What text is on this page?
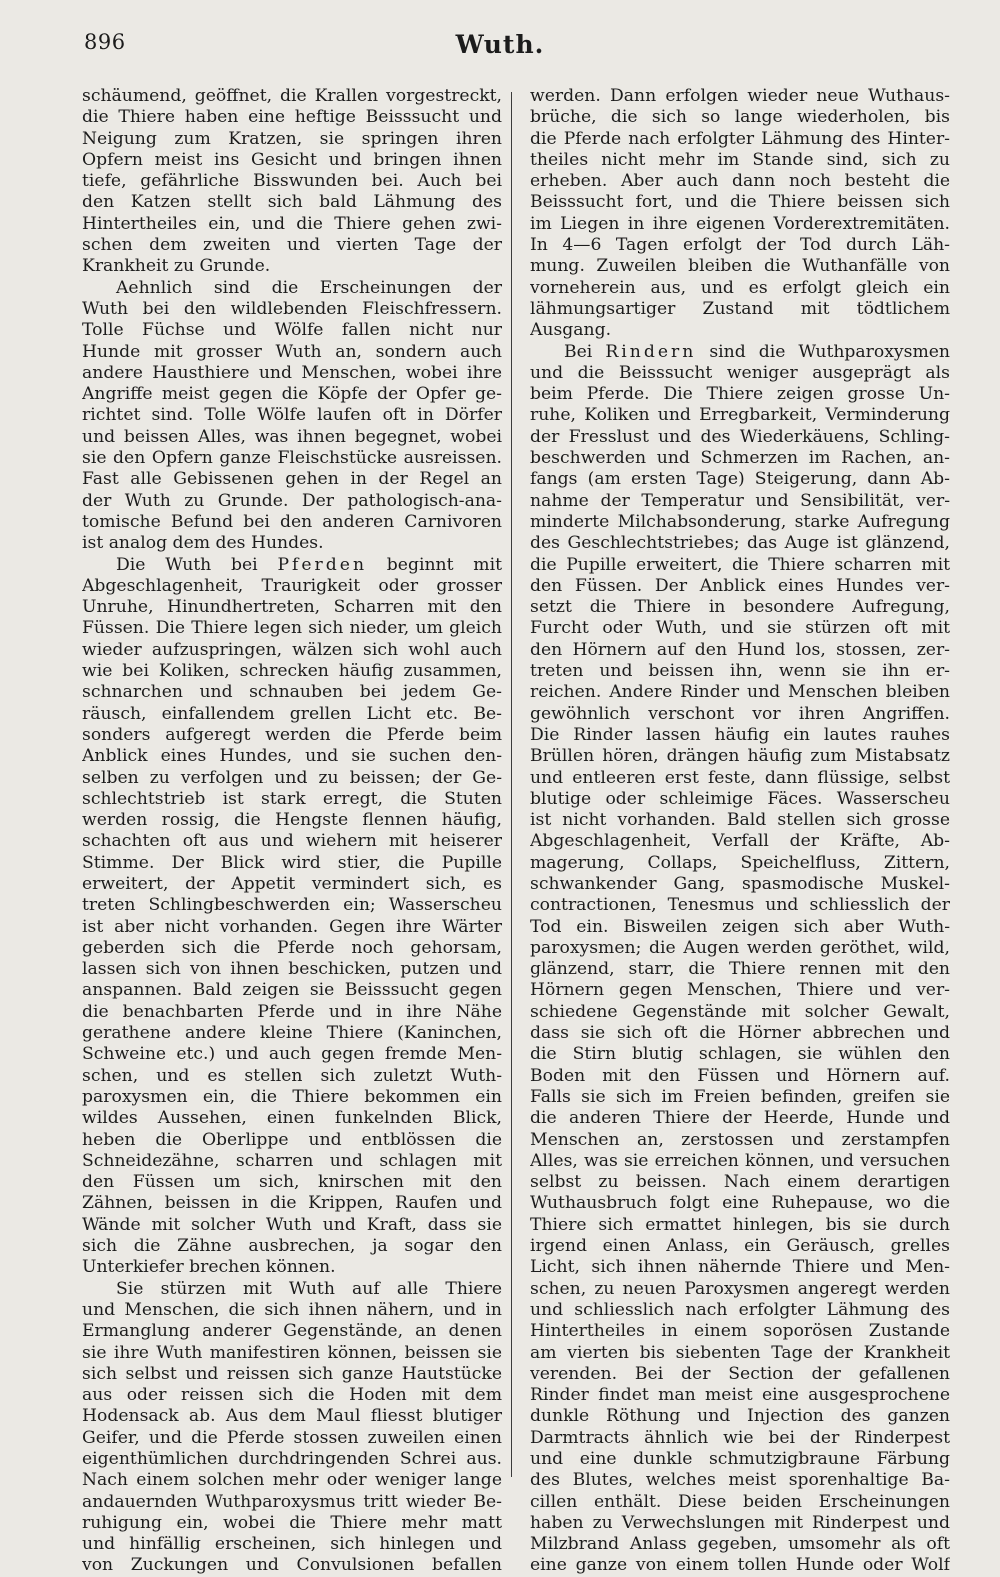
896	Wuth.
schäumend, geöffnet, die Krallen vorgestreckt,
die Thiere haben eine heftige Beisssucht und
Neigung zum Kratzen, sie springen ihren
Opfern meist ins Gesicht und bringen ihnen
tiefe, gefährliche Bisswunden bei. Auch bei
den Katzen stellt sich bald Lähmung des
Hintertheiles ein, und die Thiere gehen zwi-
schen dem zweiten und vierten Tage der
Krankheit zu Grunde.
Aehnlich sind die Erscheinungen der
Wuth bei den wildlebenden Fleischfressern.
Tolle Füchse und Wölfe fallen nicht nur
Hunde mit grosser Wuth an, sondern auch
andere Hausthiere und Menschen, wobei ihre
Angriffe meist gegen die Köpfe der Opfer ge-
richtet sind. Tolle Wölfe laufen oft in Dörfer
und beissen Alles, was ihnen begegnet, wobei
sie den Opfern ganze Fleischstücke ausreissen.
Fast alle Gebissenen gehen in der Regel an
der Wuth zu Grunde. Der pathologisch-ana-
tomische Befund bei den anderen Carnivoren
ist analog dem des Hundes.
Die Wuth bei Pferden beginnt mit
Abgeschlagenheit, Traurigkeit oder grosser
Unruhe, Hinundhertreten, Scharren mit den
Füssen. Die Thiere legen sich nieder, um gleich
wieder aufzuspringen, wälzen sich wohl auch
wie bei Koliken, schrecken häufig zusammen,
schnarchen und schnauben bei jedem Ge-
räusch, einfallendem grellen Licht etc. Be-
sonders aufgeregt werden die Pferde beim
Anblick eines Hundes, und sie suchen den-
selben zu verfolgen und zu beissen; der Ge-
schlechtstrieb ist stark erregt, die Stuten
werden rossig, die Hengste flennen häufig,
schachten oft aus und wiehern mit heiserer
Stimme. Der Blick wird stier, die Pupille
erweitert, der Appetit vermindert sich, es
treten Schlingbeschwerden ein; Wasserscheu
ist aber nicht vorhanden. Gegen ihre Wärter
geberden sich die Pferde noch gehorsam,
lassen sich von ihnen beschicken, putzen und
anspannen. Bald zeigen sie Beisssucht gegen
die benachbarten Pferde und in ihre Nähe
gerathene andere kleine Thiere (Kaninchen,
Schweine etc.) und auch gegen fremde Men-
schen, und es stellen sich zuletzt Wuth-
paroxysmen ein, die Thiere bekommen ein
wildes Aussehen, einen funkelnden Blick,
heben die Oberlippe und entblössen die
Schneidezähne, scharren und schlagen mit
den Füssen um sich, knirschen mit den
Zähnen, beissen in die Krippen, Raufen und
Wände mit solcher Wuth und Kraft, dass sie
sich die Zähne ausbrechen, ja sogar den
Unterkiefer brechen können.
Sie stürzen mit Wuth auf alle Thiere
und Menschen, die sich ihnen nähern, und in
Ermanglung anderer Gegenstände, an denen
sie ihre Wuth manifestiren können, beissen sie
sich selbst und reissen sich ganze Hautstücke
aus oder reissen sich die Hoden mit dem
Hodensack ab. Aus dem Maul fliesst blutiger
Geifer, und die Pferde stossen zuweilen einen
eigenthümlichen durchdringenden Schrei aus.
Nach einem solchen mehr oder weniger lange
andauernden Wuthparoxysmus tritt wieder Be-
ruhigung ein, wobei die Thiere mehr matt
und hinfällig erscheinen, sich hinlegen und
von Zuckungen und Convulsionen befallen
werden. Dann erfolgen wieder neue Wuthaus-
brüche, die sich so lange wiederholen, bis
die Pferde nach erfolgter Lähmung des Hinter-
theiles nicht mehr im Stande sind, sich zu
erheben. Aber auch dann noch besteht die
Beisssucht fort, und die Thiere beissen sich
im Liegen in ihre eigenen Vorderextremitäten.
In 4—6 Tagen erfolgt der Tod durch Läh-
mung. Zuweilen bleiben die Wuthanfälle von
vorneherein aus, und es erfolgt gleich ein
lähmungsartiger Zustand mit tödtlichem
Ausgang.
Bei Rindern sind die Wuthparoxysmen
und die Beisssucht weniger ausgeprägt als
beim Pferde. Die Thiere zeigen grosse Un-
ruhe, Koliken und Erregbarkeit, Verminderung
der Fresslust und des Wiederkäuens, Schling-
beschwerden und Schmerzen im Rachen, an-
fangs (am ersten Tage) Steigerung, dann Ab-
nahme der Temperatur und Sensibilität, ver-
minderte Milchabsonderung, starke Aufregung
des Geschlechtstriebes; das Auge ist glänzend,
die Pupille erweitert, die Thiere scharren mit
den Füssen. Der Anblick eines Hundes ver-
setzt die Thiere in besondere Aufregung,
Furcht oder Wuth, und sie stürzen oft mit
den Hörnern auf den Hund los, stossen, zer-
treten und beissen ihn, wenn sie ihn er-
reichen. Andere Rinder und Menschen bleiben
gewöhnlich verschont vor ihren Angriffen.
Die Rinder lassen häufig ein lautes rauhes
Brüllen hören, drängen häufig zum Mistabsatz
und entleeren erst feste, dann flüssige, selbst
blutige oder schleimige Fäces. Wasserscheu
ist nicht vorhanden. Bald stellen sich grosse
Abgeschlagenheit, Verfall der Kräfte, Ab-
magerung, Collaps, Speichelfluss, Zittern,
schwankender Gang, spasmodische Muskel-
contractionen, Tenesmus und schliesslich der
Tod ein. Bisweilen zeigen sich aber Wuth-
paroxysmen; die Augen werden geröthet, wild,
glänzend, starr, die Thiere rennen mit den
Hörnern gegen Menschen, Thiere und ver-
schiedene Gegenstände mit solcher Gewalt,
dass sie sich oft die Hörner abbrechen und
die Stirn blutig schlagen, sie wühlen den
Boden mit den Füssen und Hörnern auf.
Falls sie sich im Freien befinden, greifen sie
die anderen Thiere der Heerde, Hunde und
Menschen an, zerstossen und zerstampfen
Alles, was sie erreichen können, und versuchen
selbst zu beissen. Nach einem derartigen
Wuthausbruch folgt eine Ruhepause, wo die
Thiere sich ermattet hinlegen, bis sie durch
irgend einen Anlass, ein Geräusch, grelles
Licht, sich ihnen nähernde Thiere und Men-
schen, zu neuen Paroxysmen angeregt werden
und schliesslich nach erfolgter Lähmung des
Hintertheiles in einem soporösen Zustande
am vierten bis siebenten Tage der Krankheit
verenden. Bei der Section der gefallenen
Rinder findet man meist eine ausgesprochene
dunkle Röthung und Injection des ganzen
Darmtracts ähnlich wie bei der Rinderpest
und eine dunkle schmutzigbraune Färbung
des Blutes, welches meist sporenhaltige Ba-
cillen enthält. Diese beiden Erscheinungen
haben zu Verwechslungen mit Rinderpest und
Milzbrand Anlass gegeben, umsomehr als oft
eine ganze von einem tollen Hunde oder Wolf
